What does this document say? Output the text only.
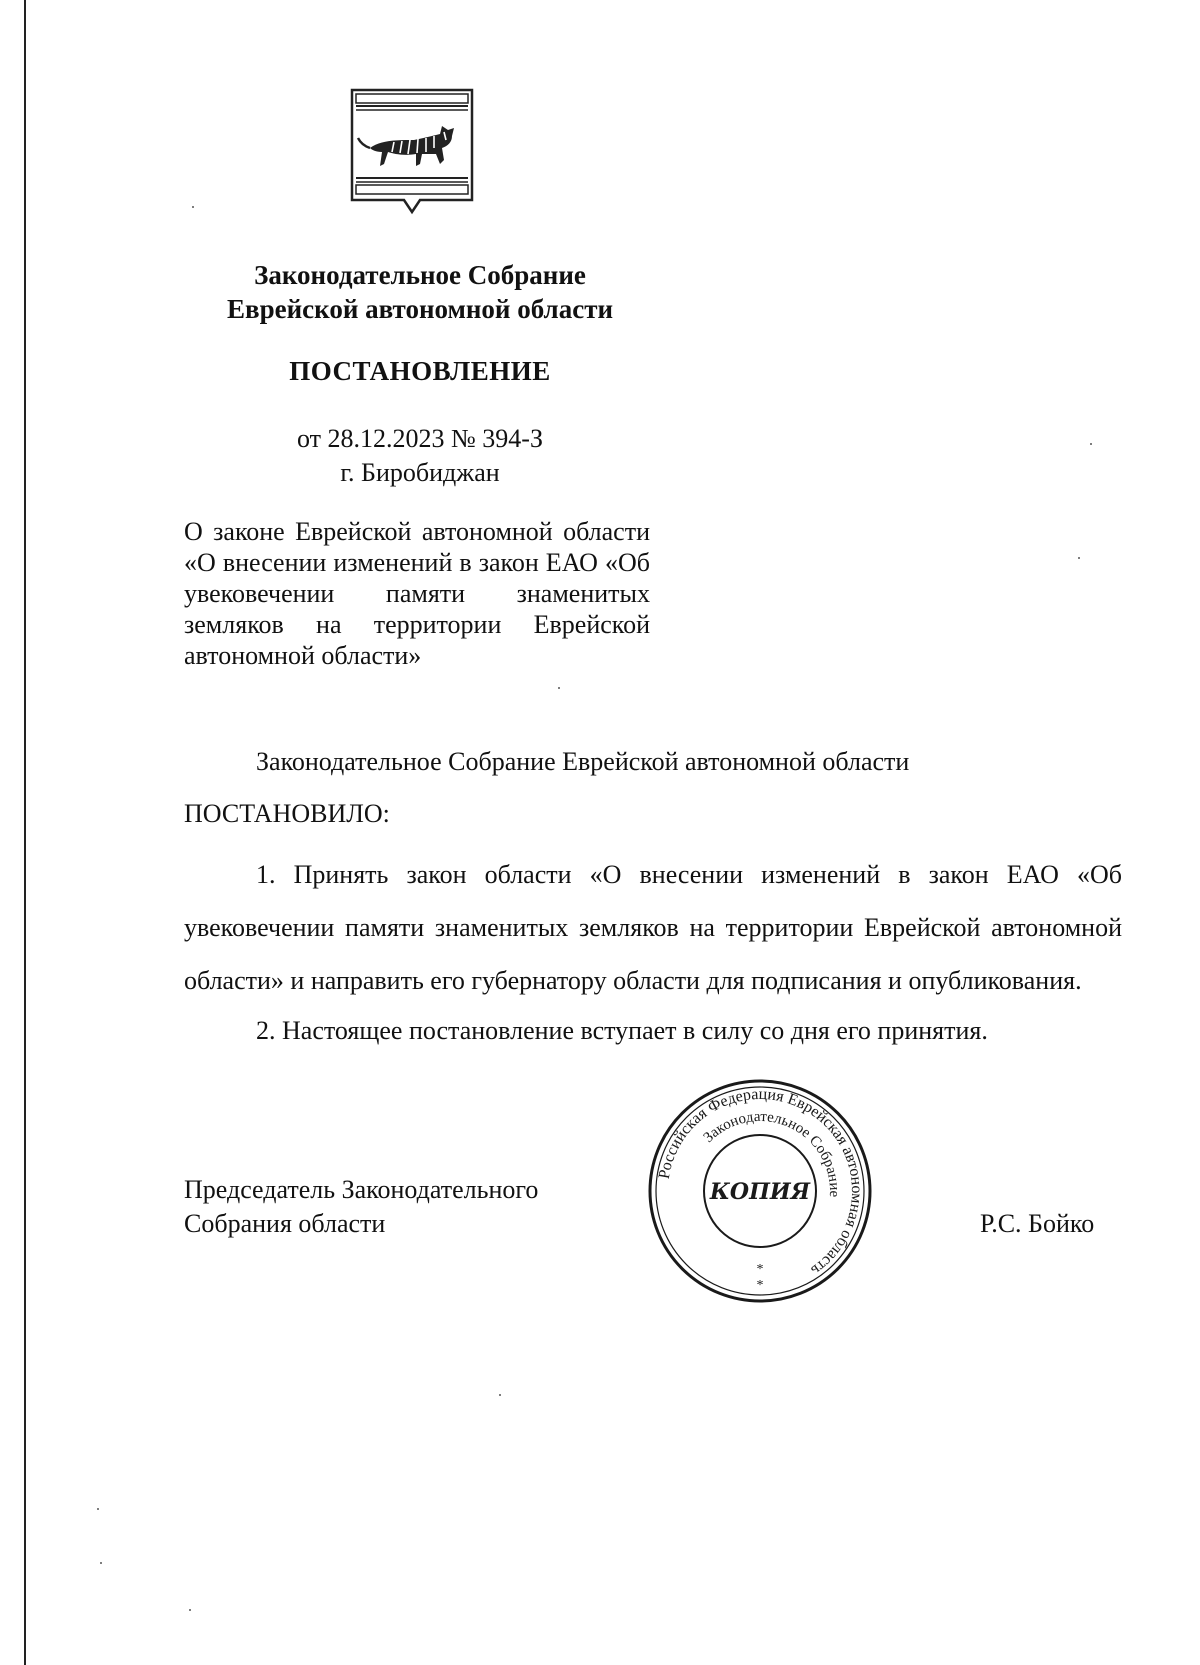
Законодательное Собрание
Еврейской автономной области
ПОСТАНОВЛЕНИЕ
от 28.12.2023 № 394-З
г. Биробиджан
О законе Еврейской автономной области «О внесении изменений в закон ЕАО «Об увековечении памяти знаменитых земляков на территории Еврейской автономной области»

Законодательное Собрание Еврейской автономной области

ПОСТАНОВИЛО:

1. Принять закон области «О внесении изменений в закон ЕАО «Об увековечении памяти знаменитых земляков на территории Еврейской автономной области» и направить его губернатору области для подписания и опубликования.

2. Настоящее постановление вступает в силу со дня его принятия.

Председатель Законодательного
Собрания области	Р.С. Бойко
Российская Федерация Еврейская автономная область
Законодательное Собрание
КОПИЯ
*
*
